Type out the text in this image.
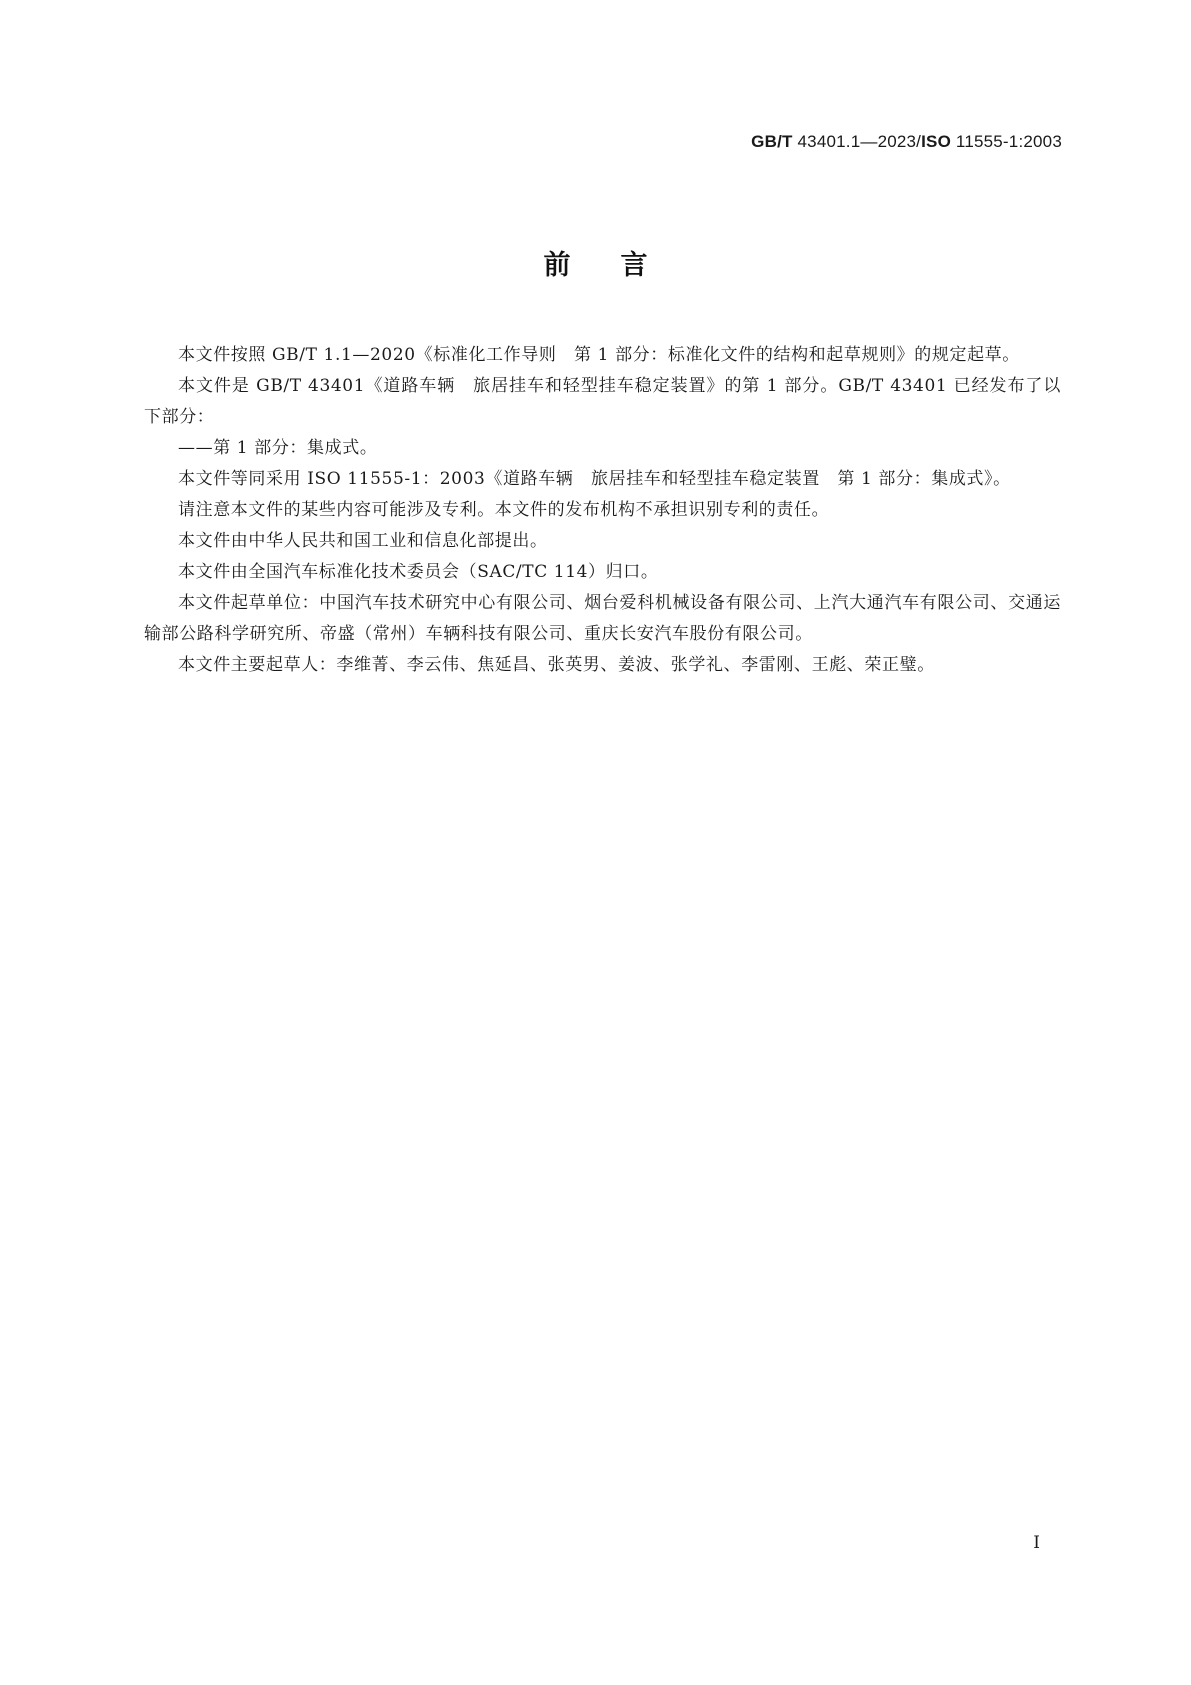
GB/T 43401.1—2023/ISO 11555-1:2003
前言

本文件按照 GB/T 1.1—2020《标准化工作导则　第 1 部分：标准化文件的结构和起草规则》的规定起草。

本文件是 GB/T 43401《道路车辆　旅居挂车和轻型挂车稳定装置》的第 1 部分。GB/T 43401 已经发布了以下部分：

——第 1 部分：集成式。

本文件等同采用 ISO 11555-1：2003《道路车辆　旅居挂车和轻型挂车稳定装置　第 1 部分：集成式》。

请注意本文件的某些内容可能涉及专利。本文件的发布机构不承担识别专利的责任。

本文件由中华人民共和国工业和信息化部提出。

本文件由全国汽车标准化技术委员会（SAC/TC 114）归口。

本文件起草单位：中国汽车技术研究中心有限公司、烟台爱科机械设备有限公司、上汽大通汽车有限公司、交通运输部公路科学研究所、帝盛（常州）车辆科技有限公司、重庆长安汽车股份有限公司。

本文件主要起草人：李维菁、李云伟、焦延昌、张英男、姜波、张学礼、李雷刚、王彪、荣正璧。

I
